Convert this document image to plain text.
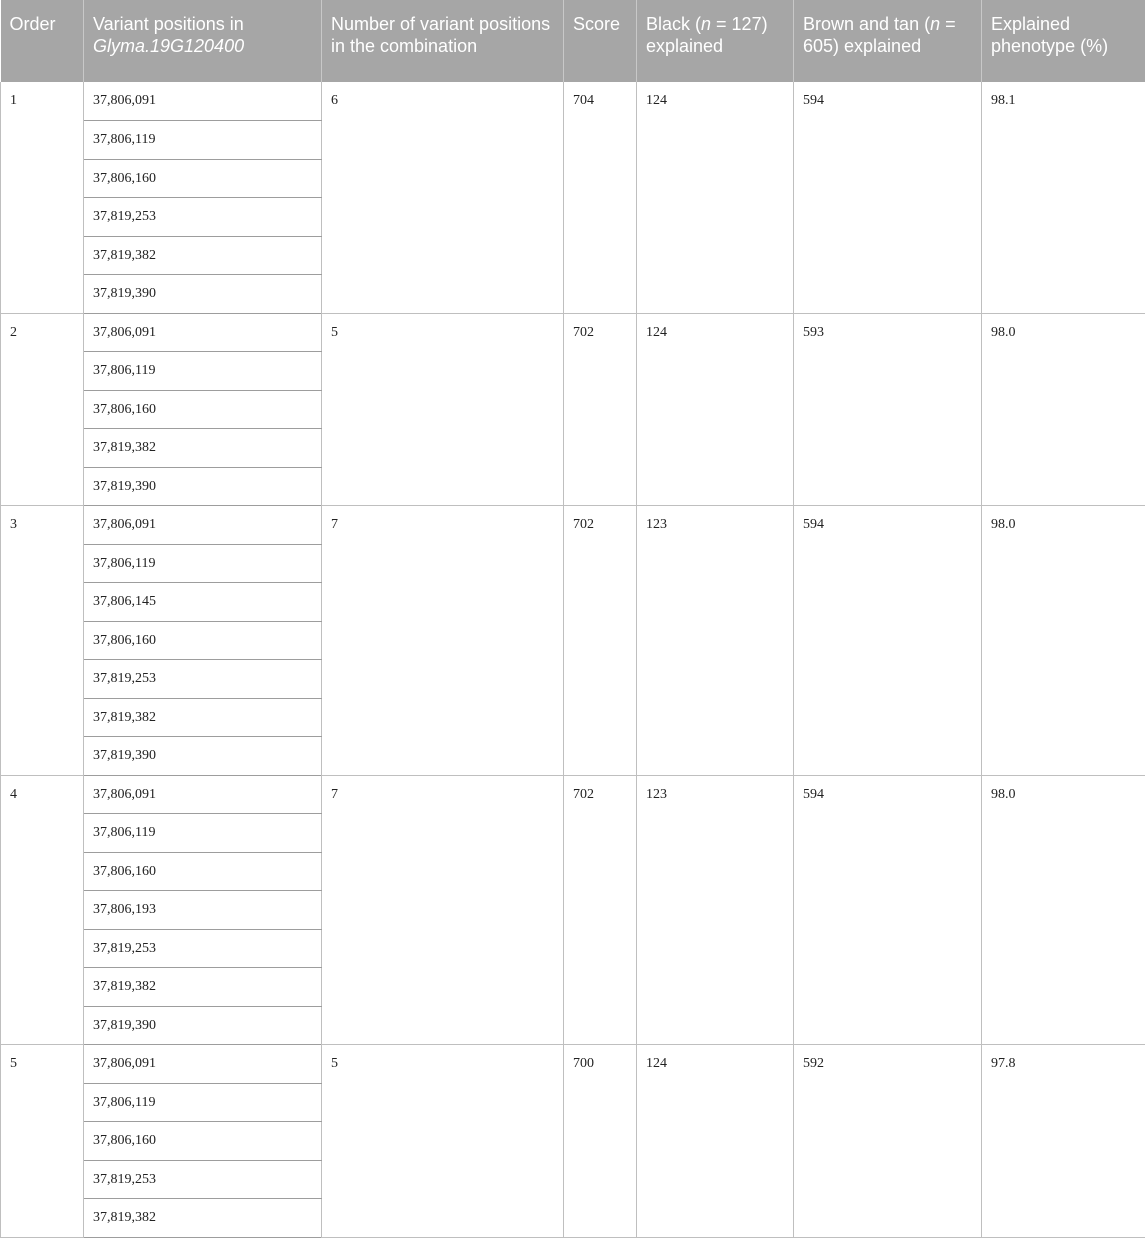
Order	Variant positions in
Glyma.19G120400	Number of variant positions in the combination	Score	Black (n = 127) explained	Brown and tan (n = 605) explained	Explained phenotype (%)
1	37,806,091	6	704	124	594	98.1
	37,806,119					
	37,806,160					
	37,819,253					
	37,819,382					
	37,819,390					
2	37,806,091	5	702	124	593	98.0
	37,806,119					
	37,806,160					
	37,819,382					
	37,819,390					
3	37,806,091	7	702	123	594	98.0
	37,806,119					
	37,806,145					
	37,806,160					
	37,819,253					
	37,819,382					
	37,819,390					
4	37,806,091	7	702	123	594	98.0
	37,806,119					
	37,806,160					
	37,806,193					
	37,819,253					
	37,819,382					
	37,819,390					
5	37,806,091	5	700	124	592	97.8
	37,806,119					
	37,806,160					
	37,819,253					
	37,819,382					
